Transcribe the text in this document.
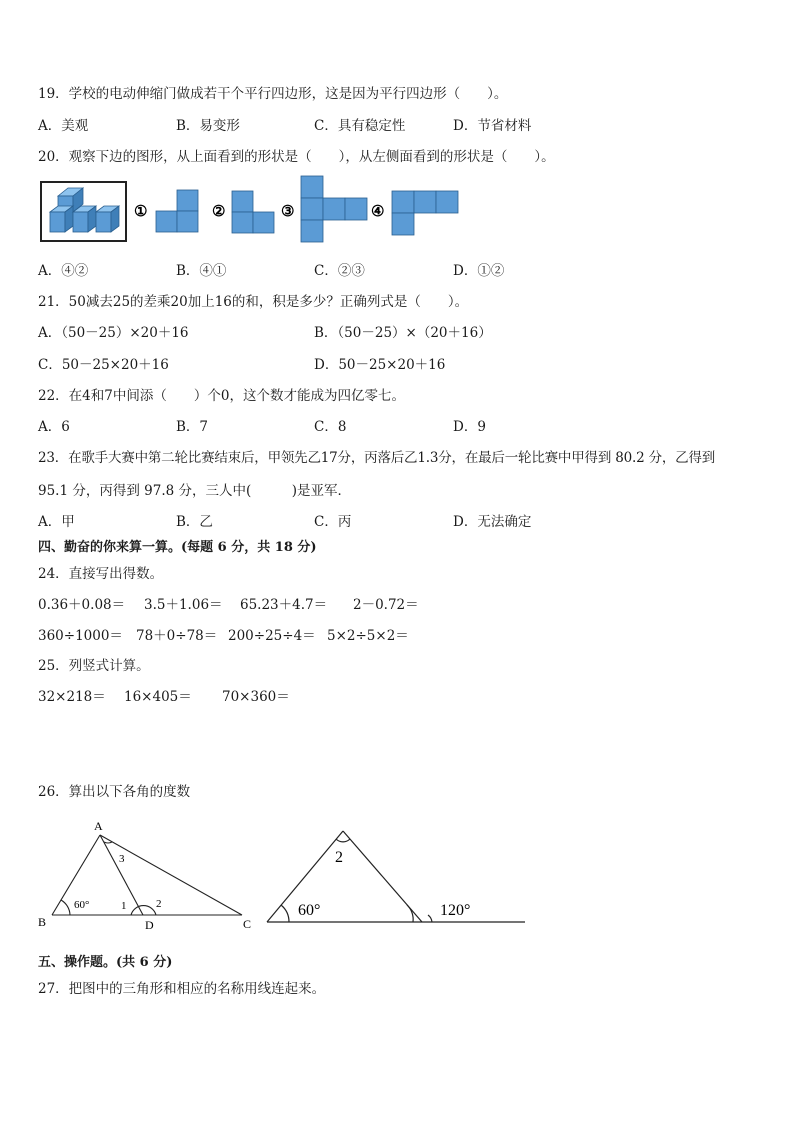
19．学校的电动伸缩门做成若干个平行四边形，这是因为平行四边形（　　）。
A．美观	B．易变形	C．具有稳定性	D．节省材料
20．观察下边的图形，从上面看到的形状是（　　），从左侧面看到的形状是（　　）。
①	②	③	④
A．④②	B．④①	C．②③	D．①②
21．50减去25的差乘20加上16的和，积是多少？正确列式是（　　）。
A．（50－25）×20＋16	B．（50－25）×（20＋16）
C．50－25×20＋16	D．50－25×20＋16
22．在4和7中间添（　　）个0，这个数才能成为四亿零七。
A．6	B．7	C．8	D．9
23．在歌手大赛中第二轮比赛结束后，甲领先乙17分，丙落后乙1.3分，在最后一轮比赛中甲得到 80.2 分，乙得到
95.1 分，丙得到 97.8 分，三人中(　　　)是亚军．
A．甲	B．乙	C．丙	D．无法确定
四、勤奋的你来算一算。(每题 6 分，共 18 分)
24．直接写出得数。
0.36＋0.08＝ 3.5＋1.06＝ 65.23＋4.7＝ 2－0.72＝
360÷1000＝ 78＋0÷78＝ 200÷25÷4＝ 5×2÷5×2＝
25．列竖式计算。
32×218＝ 16×405＝ 70×360＝
26．算出以下各角的度数
A
B	C
D
60°	1	2
3	2
60°	120°
五、操作题。(共 6 分)
27．把图中的三角形和相应的名称用线连起来。
